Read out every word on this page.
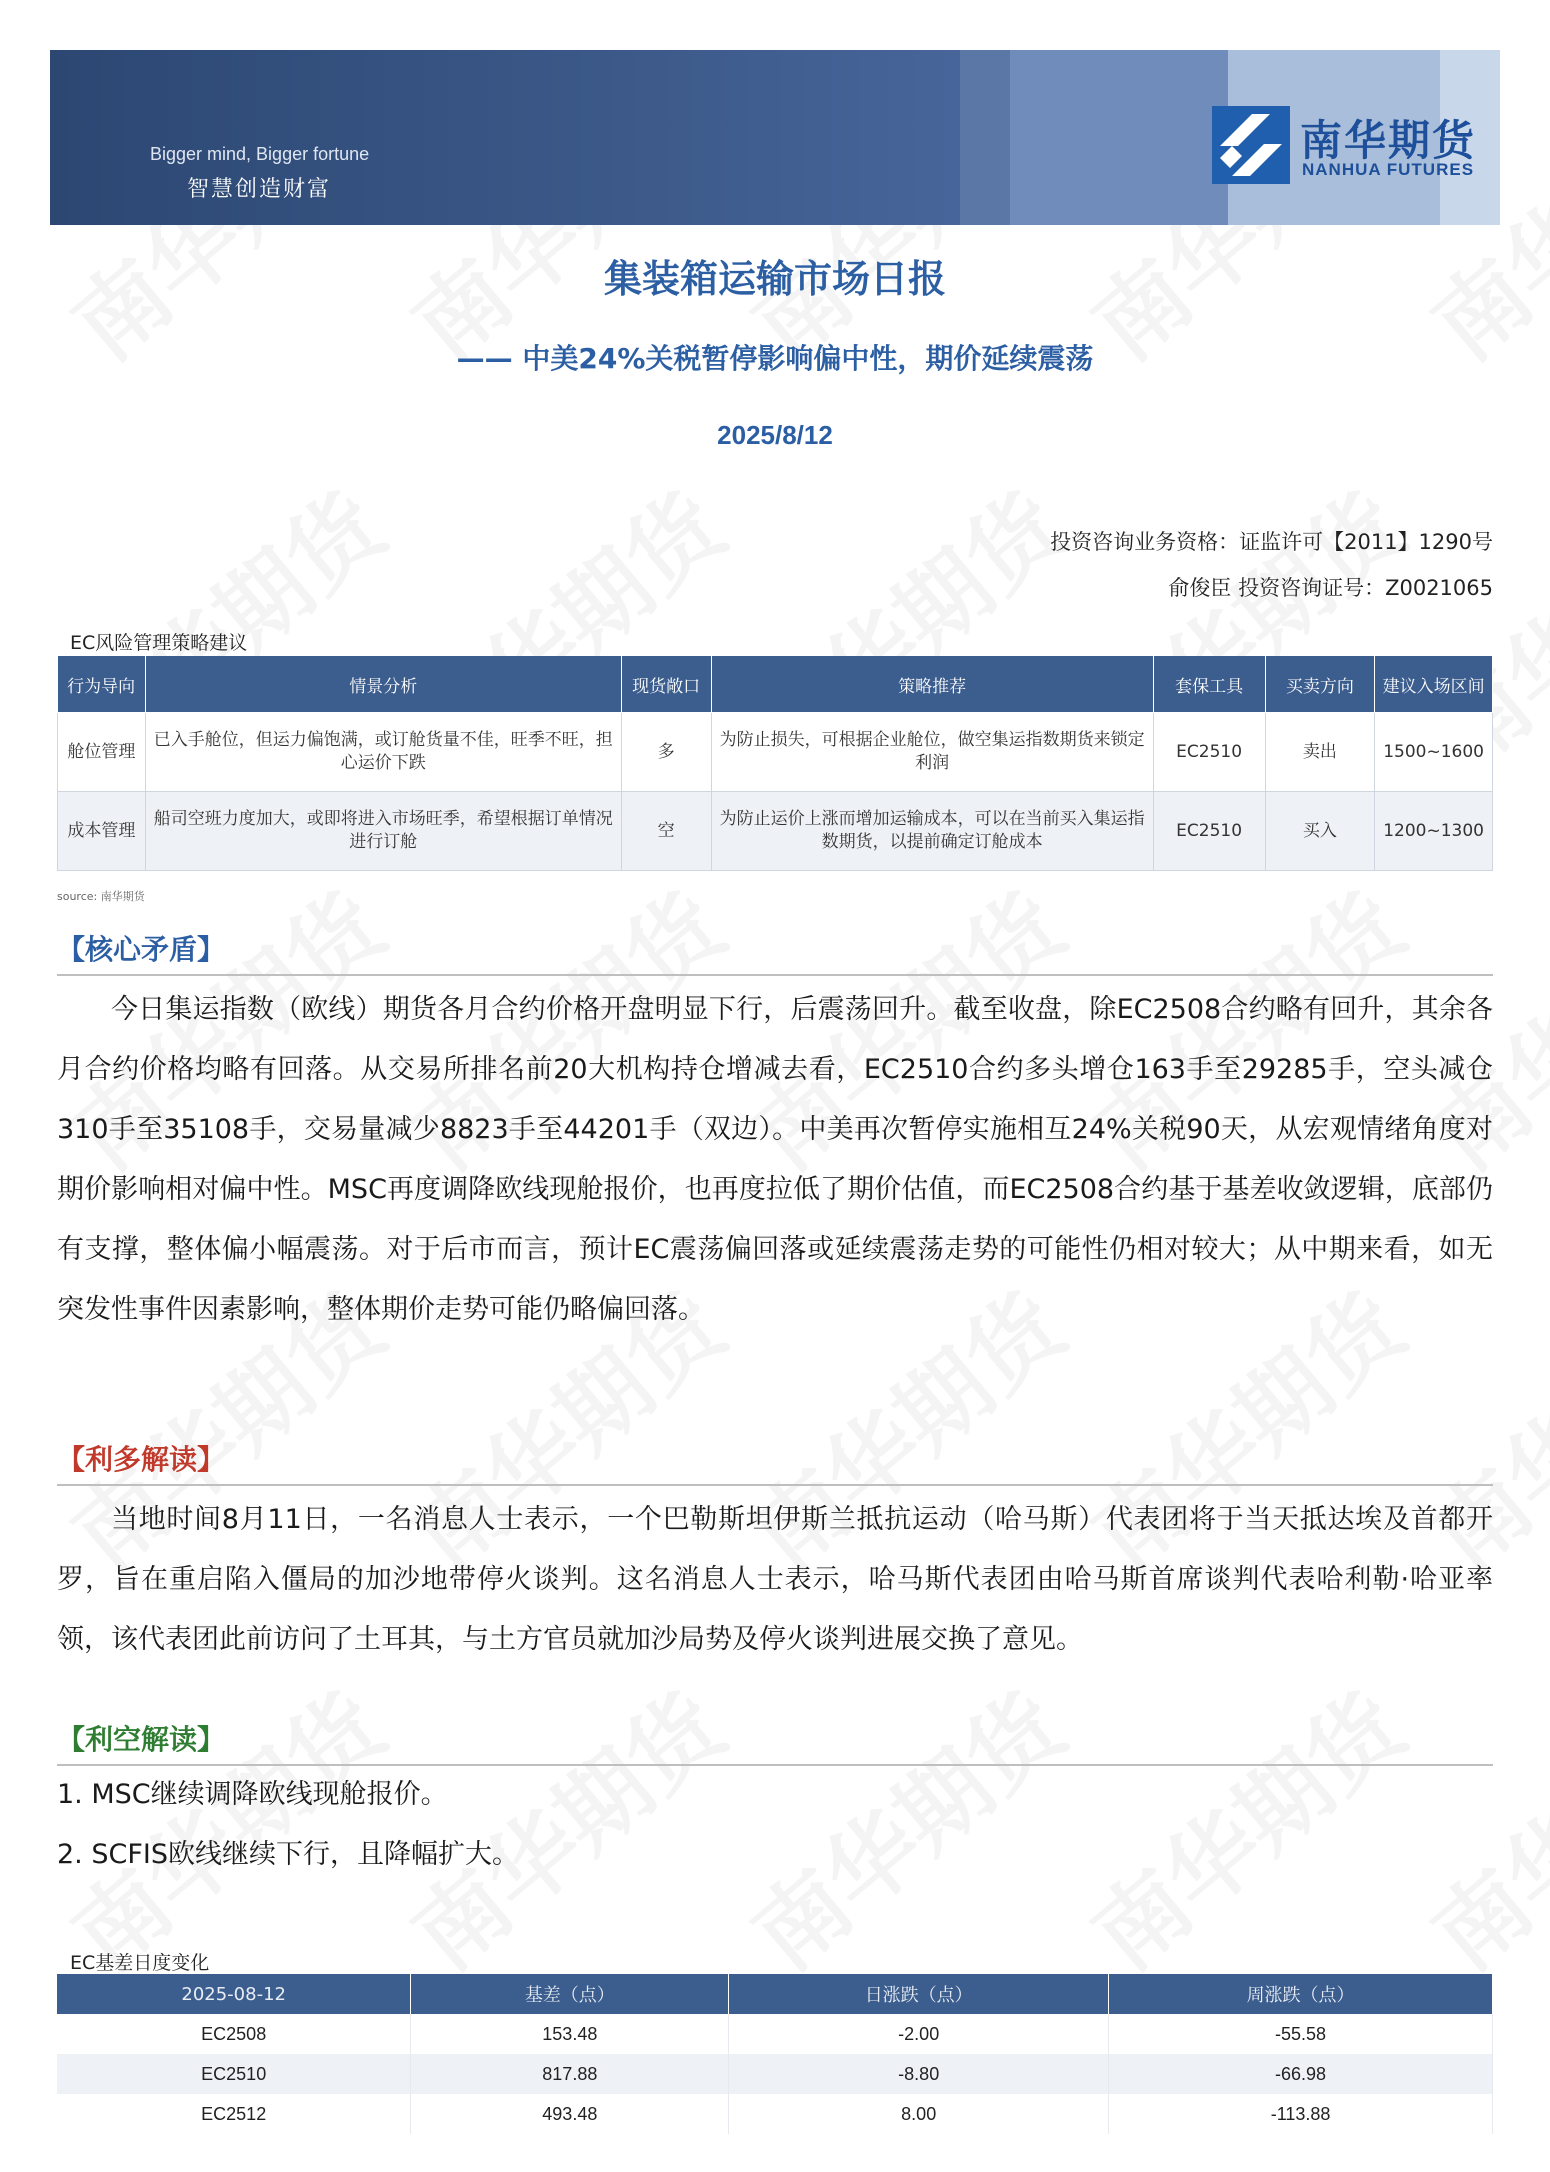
Bigger mind, Bigger fortune
智慧创造财富
南华期货
NANHUA FUTURES
集装箱运输市场日报
—— 中美24%关税暂停影响偏中性，期价延续震荡
2025/8/12
投资咨询业务资格：证监许可【2011】1290号
俞俊臣 投资咨询证号：Z0021065
EC风险管理策略建议
行为导向	情景分析	现货敞口	策略推荐	套保工具	买卖方向	建议入场区间
舱位管理	已入手舱位，但运力偏饱满，或订舱货量不佳，旺季不旺，担心运价下跌	多	为防止损失，可根据企业舱位，做空集运指数期货来锁定利润	EC2510	卖出	1500~1600
成本管理	船司空班力度加大，或即将进入市场旺季，希望根据订单情况进行订舱	空	为防止运价上涨而增加运输成本，可以在当前买入集运指数期货，以提前确定订舱成本	EC2510	买入	1200~1300
source: 南华期货
【核心矛盾】
今日集运指数（欧线）期货各月合约价格开盘明显下行，后震荡回升。截至收盘，除EC2508合约略有回升，其余各月合约价格均略有回落。从交易所排名前20大机构持仓增减去看，EC2510合约多头增仓163手至29285手，空头减仓310手至35108手，交易量减少8823手至44201手（双边）。中美再次暂停实施相互24%关税90天，从宏观情绪角度对期价影响相对偏中性。MSC再度调降欧线现舱报价，也再度拉低了期价估值，而EC2508合约基于基差收敛逻辑，底部仍有支撑，整体偏小幅震荡。对于后市而言，预计EC震荡偏回落或延续震荡走势的可能性仍相对较大；从中期来看，如无突发性事件因素影响，整体期价走势可能仍略偏回落。
【利多解读】
当地时间8月11日，一名消息人士表示，一个巴勒斯坦伊斯兰抵抗运动（哈马斯）代表团将于当天抵达埃及首都开罗，旨在重启陷入僵局的加沙地带停火谈判。这名消息人士表示，哈马斯代表团由哈马斯首席谈判代表哈利勒·哈亚率领，该代表团此前访问了土耳其，与土方官员就加沙局势及停火谈判进展交换了意见。
【利空解读】
1. MSC继续调降欧线现舱报价。
2. SCFIS欧线继续下行，且降幅扩大。
EC基差日度变化
2025-08-12	基差（点）	日涨跌（点）	周涨跌（点）
EC2508	153.48	-2.00	-55.58
EC2510	817.88	-8.80	-66.98
EC2512	493.48	8.00	-113.88
